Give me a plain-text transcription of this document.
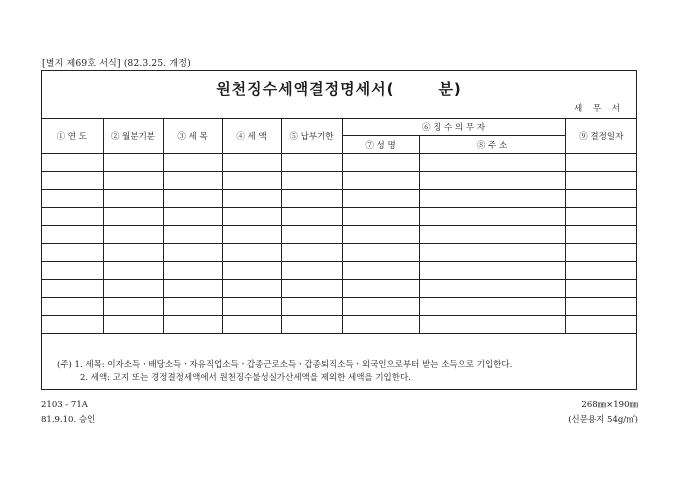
[별지 제69호 서식] (82.3.25. 개정)
원천징수세액결정명세서(	분)
세 무 서
① 연 도	② 월분기분	③ 세 목	④ 세 액	⑤ 납부기한	⑥ 징 수 의 무 자		⑨ 결정일자
					⑦ 성 명	⑧ 주 소	

(주) 1. 세목: 이자소득ㆍ배당소득ㆍ자유직업소득ㆍ갑종근로소득ㆍ갑종퇴직소득ㆍ외국인으로부터 받는 소득으로 기입한다.
2. 세액: 고지 또는 경정결정세액에서 원천징수불성실가산세액을 제외한 세액을 기입한다.
2103 - 71A
81.9.10. 승인
268㎜×190㎜
(신문용지 54g/㎡)
